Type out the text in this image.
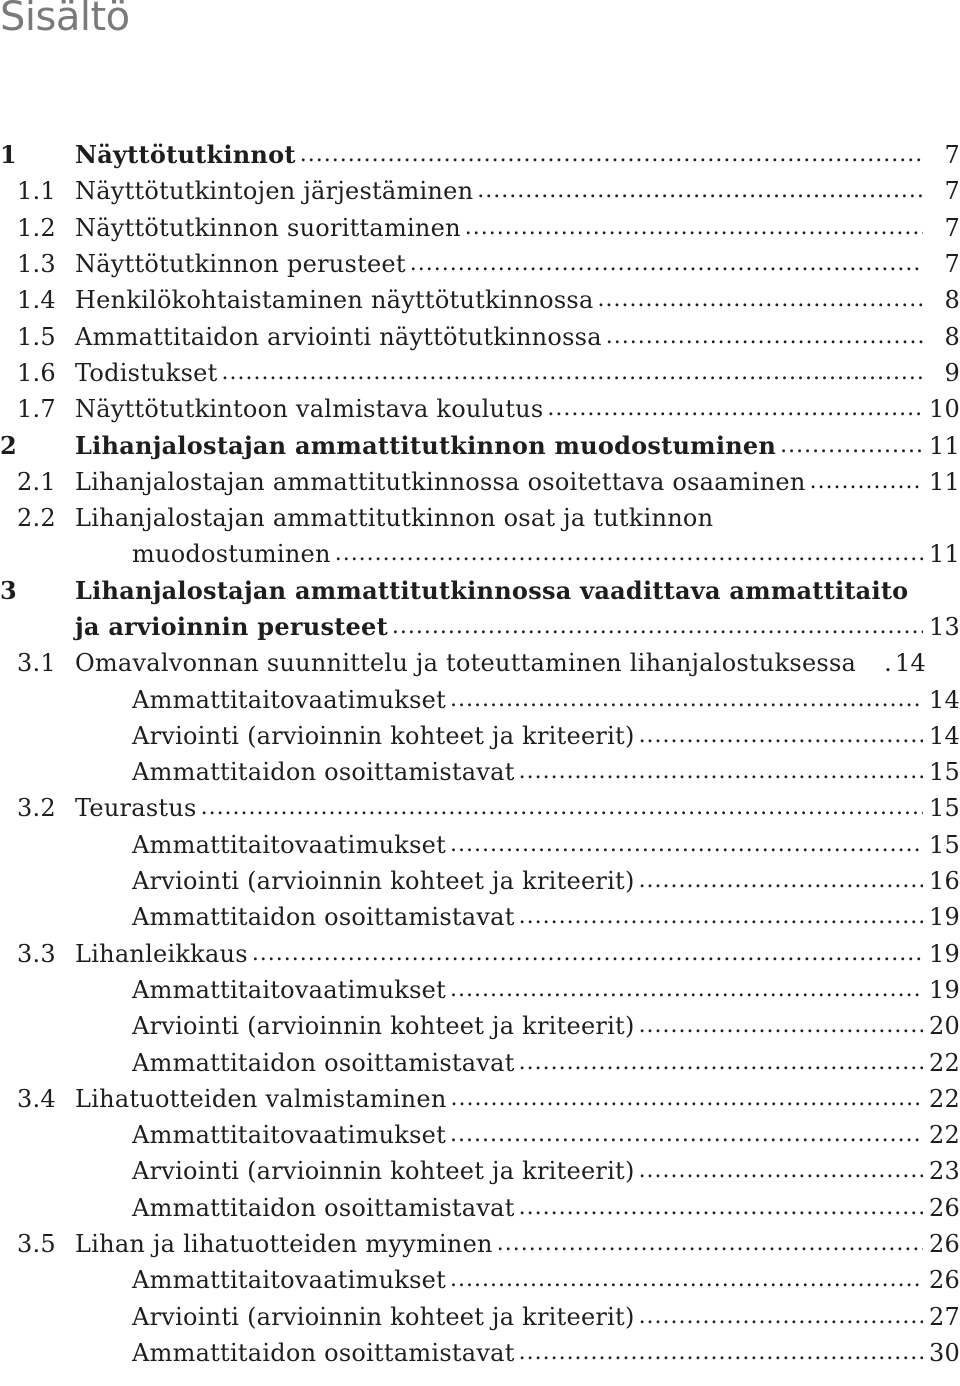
Sisältö
1	Näyttötutkinnot .....	7
1.1 Näyttötutkintojen järjestäminen .....	7
1.2 Näyttötutkinnon suorittaminen .....	7
1.3 Näyttötutkinnon perusteet .....	7
1.4 Henkilökohtaistaminen näyttötutkinnossa .....	8
1.5 Ammattitaidon arviointi näyttötutkinnossa .....	8
1.6 Todistukset .....	9
1.7 Näyttötutkintoon valmistava koulutus .....	10
2	Lihanjalostajan ammattitutkinnon muodostuminen .....	11
2.1 Lihanjalostajan ammattitutkinnossa osoitettava osaaminen .....	11
2.2 Lihanjalostajan ammattitutkinnon osat ja tutkinnon
muodostuminen .....	11
3	Lihanjalostajan ammattitutkinnossa vaadittava ammattitaito
ja arvioinnin perusteet .....	13
3.1 Omavalvonnan suunnittelu ja toteuttaminen lihanjalostuksessa . 14
Ammattitaitovaatimukset .....	14
Arviointi (arvioinnin kohteet ja kriteerit) .....	14
Ammattitaidon osoittamistavat .....	15
3.2 Teurastus .....	15
Ammattitaitovaatimukset .....	15
Arviointi (arvioinnin kohteet ja kriteerit) .....	16
Ammattitaidon osoittamistavat .....	19
3.3 Lihanleikkaus .....	19
Ammattitaitovaatimukset .....	19
Arviointi (arvioinnin kohteet ja kriteerit) .....	20
Ammattitaidon osoittamistavat .....	22
3.4 Lihatuotteiden valmistaminen .....	22
Ammattitaitovaatimukset .....	22
Arviointi (arvioinnin kohteet ja kriteerit) .....	23
Ammattitaidon osoittamistavat .....	26
3.5 Lihan ja lihatuotteiden myyminen .....	26
Ammattitaitovaatimukset .....	26
Arviointi (arvioinnin kohteet ja kriteerit) .....	27
Ammattitaidon osoittamistavat .....	30
